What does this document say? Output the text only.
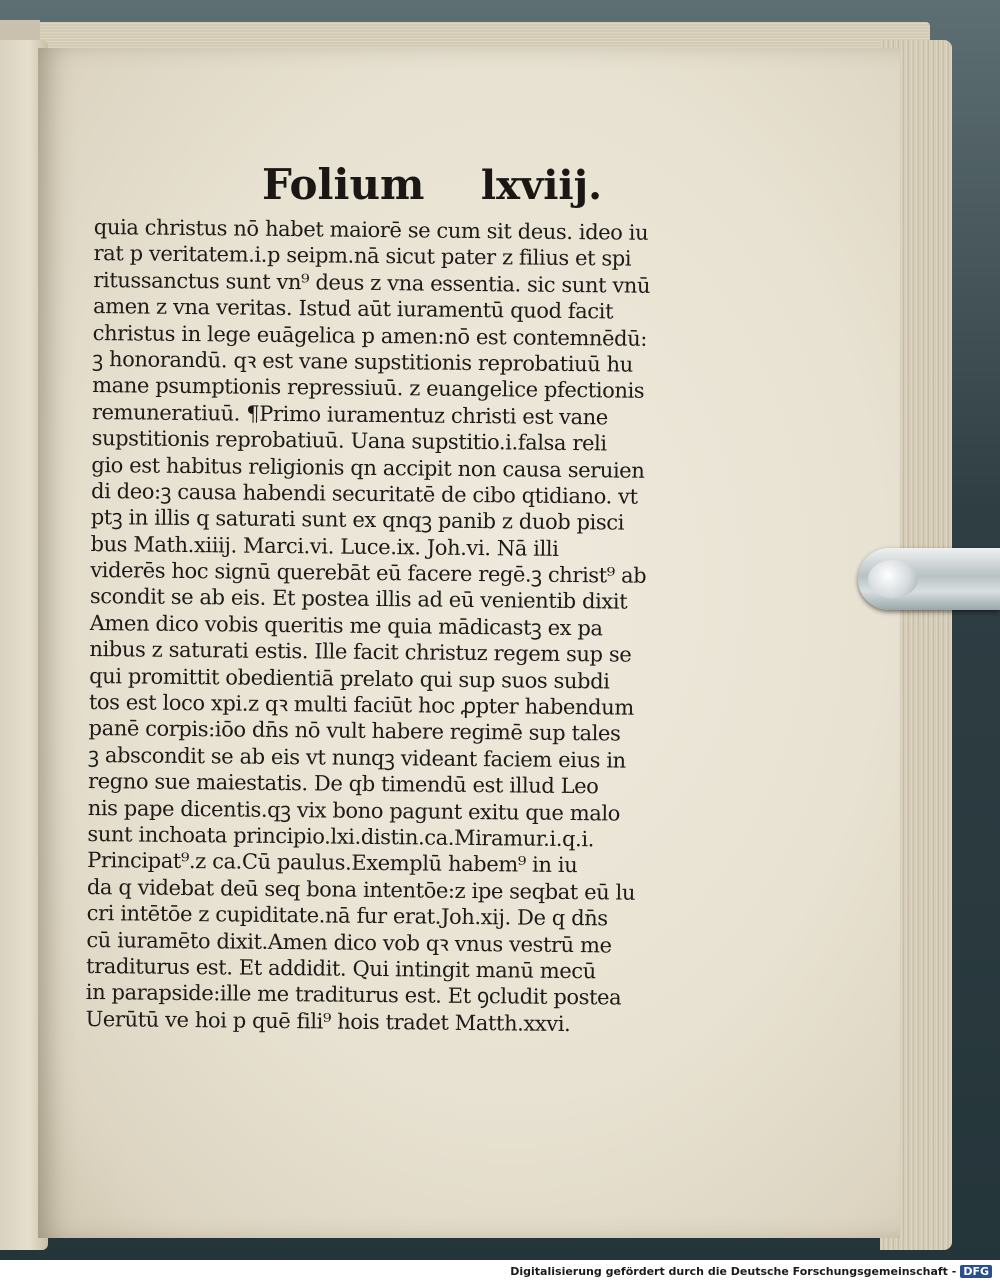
Folium lxviij.
quia christus nō habet maiorē se cum sit deus. ideo iu
rat p veritatem.i.p seipm.nā sicut pater z filius et spi
ritussanctus sunt vn⁹ deus z vna essentia. sic sunt vnū
amen z vna veritas. Istud aūt iuramentū quod facit
christus in lege euāgelica p amen:nō est contemnēdū:
ꝫ honorandū. qꝛ est vane supstitionis reprobatiuū hu
mane psumptionis repressiuū. z euangelice pfectionis
remuneratiuū. ¶Primo iuramentuz christi est vane
supstitionis reprobatiuū. Uana supstitio.i.falsa reli
gio est habitus religionis qn accipit non causa seruien
di deo:ꝫ causa habendi securitatē de cibo qtidiano. vt
ptꝫ in illis q saturati sunt ex qnqꝫ panib z duob pisci
bus Math.xiiij. Marci.vi. Luce.ix. Joh.vi. Nā illi
viderēs hoc signū querebāt eū facere regē.ꝫ christ⁹ ab
scondit se ab eis. Et postea illis ad eū venientib dixit
Amen dico vobis queritis me quia mādicastꝫ ex pa
nibus z saturati estis. Ille facit christuz regem sup se
qui promittit obedientiā prelato qui sup suos subdi
tos est loco xpi.z qꝛ multi faciūt hoc ꝓpter habendum
panē corpis:iōo dn̄s nō vult habere regimē sup tales
ꝫ abscondit se ab eis vt nunqꝫ videant faciem eius in
regno sue maiestatis. De qb timendū est illud Leo
nis pape dicentis.qꝫ vix bono pagunt exitu que malo
sunt inchoata principio.lxi.distin.ca.Miramur.i.q.i.
Principat⁹.z ca.Cū paulus.Exemplū habem⁹ in iu
da q videbat deū seq bona intentōe:z ipe seqbat eū lu
cri intētōe z cupiditate.nā fur erat.Joh.xij. De q dn̄s
cū iuramēto dixit.Amen dico vob qꝛ vnus vestrū me
traditurus est. Et addidit. Qui intingit manū mecū
in parapside:ille me traditurus est. Et ꝯcludit postea
Uerūtū ve hoi p quē fili⁹ hois tradet Matth.xxvi.
Digitalisierung gefördert durch die Deutsche Forschungsgemeinschaft - DFG
